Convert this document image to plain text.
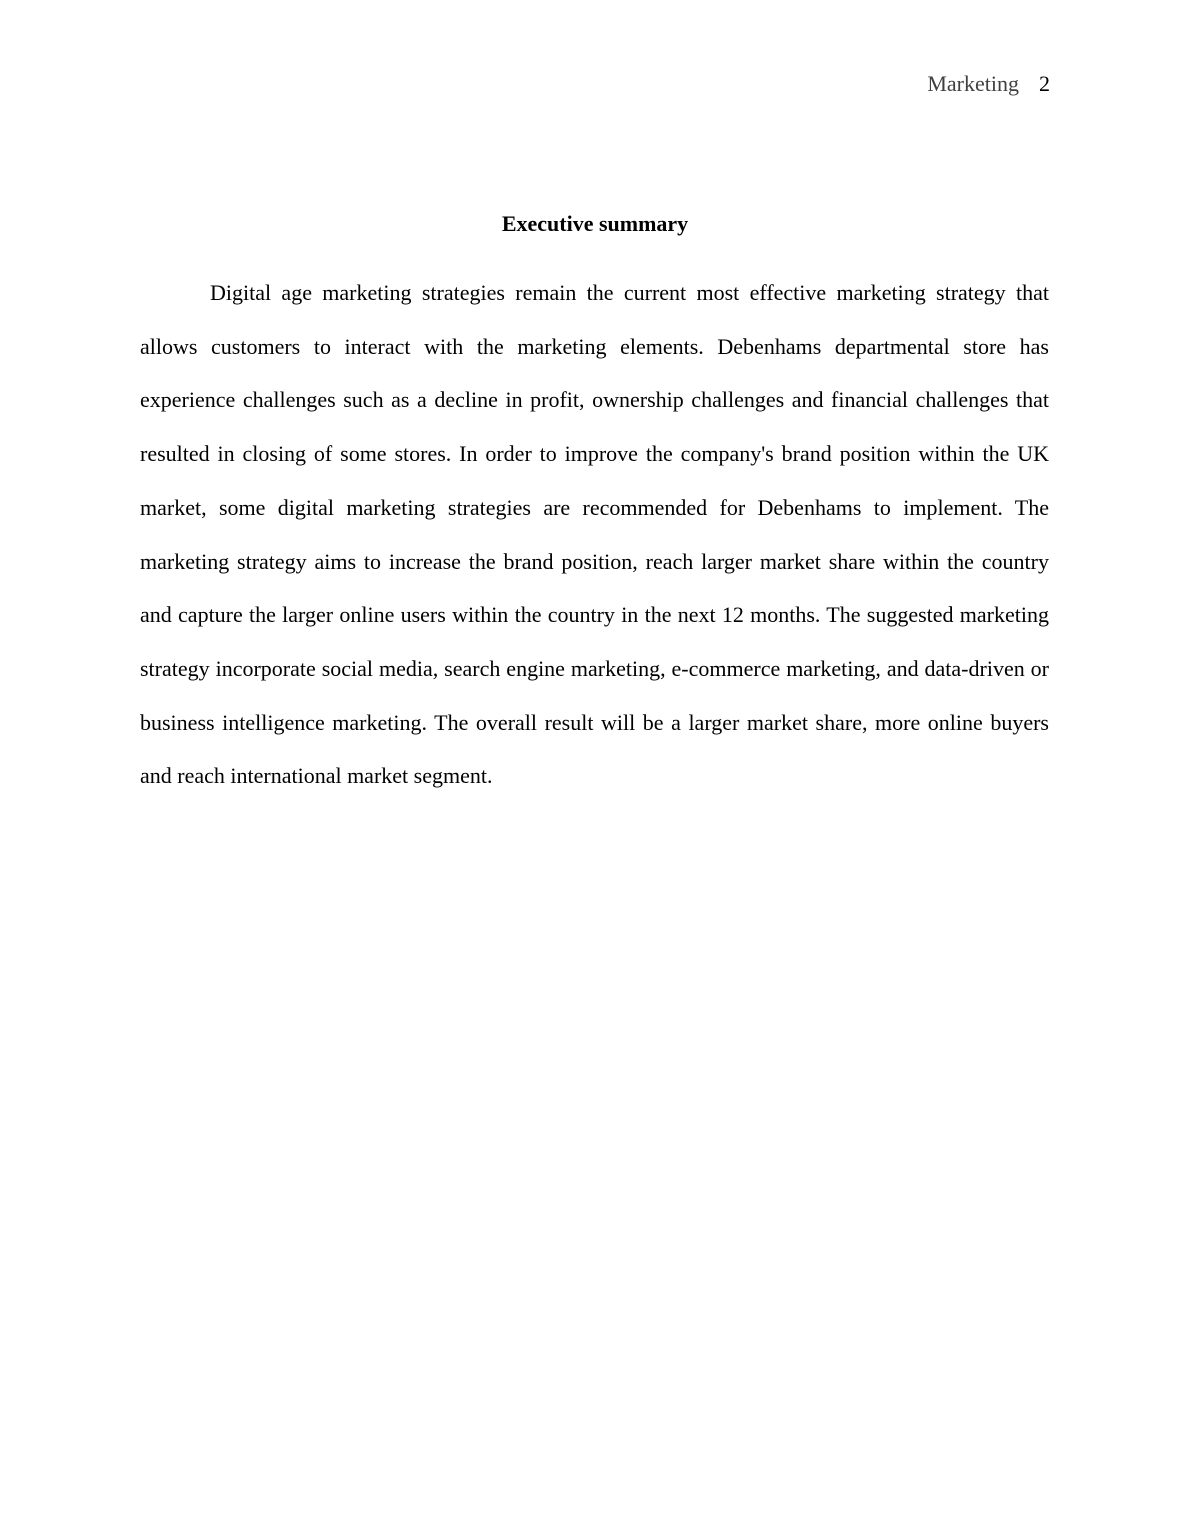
Marketing 2
Executive summary

Digital age marketing strategies remain the current most effective marketing strategy that allows customers to interact with the marketing elements. Debenhams departmental store has experience challenges such as a decline in profit, ownership challenges and financial challenges that resulted in closing of some stores. In order to improve the company's brand position within the UK market, some digital marketing strategies are recommended for Debenhams to implement. The marketing strategy aims to increase the brand position, reach larger market share within the country and capture the larger online users within the country in the next 12 months. The suggested marketing strategy incorporate social media, search engine marketing, e-commerce marketing, and data-driven or business intelligence marketing. The overall result will be a larger market share, more online buyers and reach international market segment.
